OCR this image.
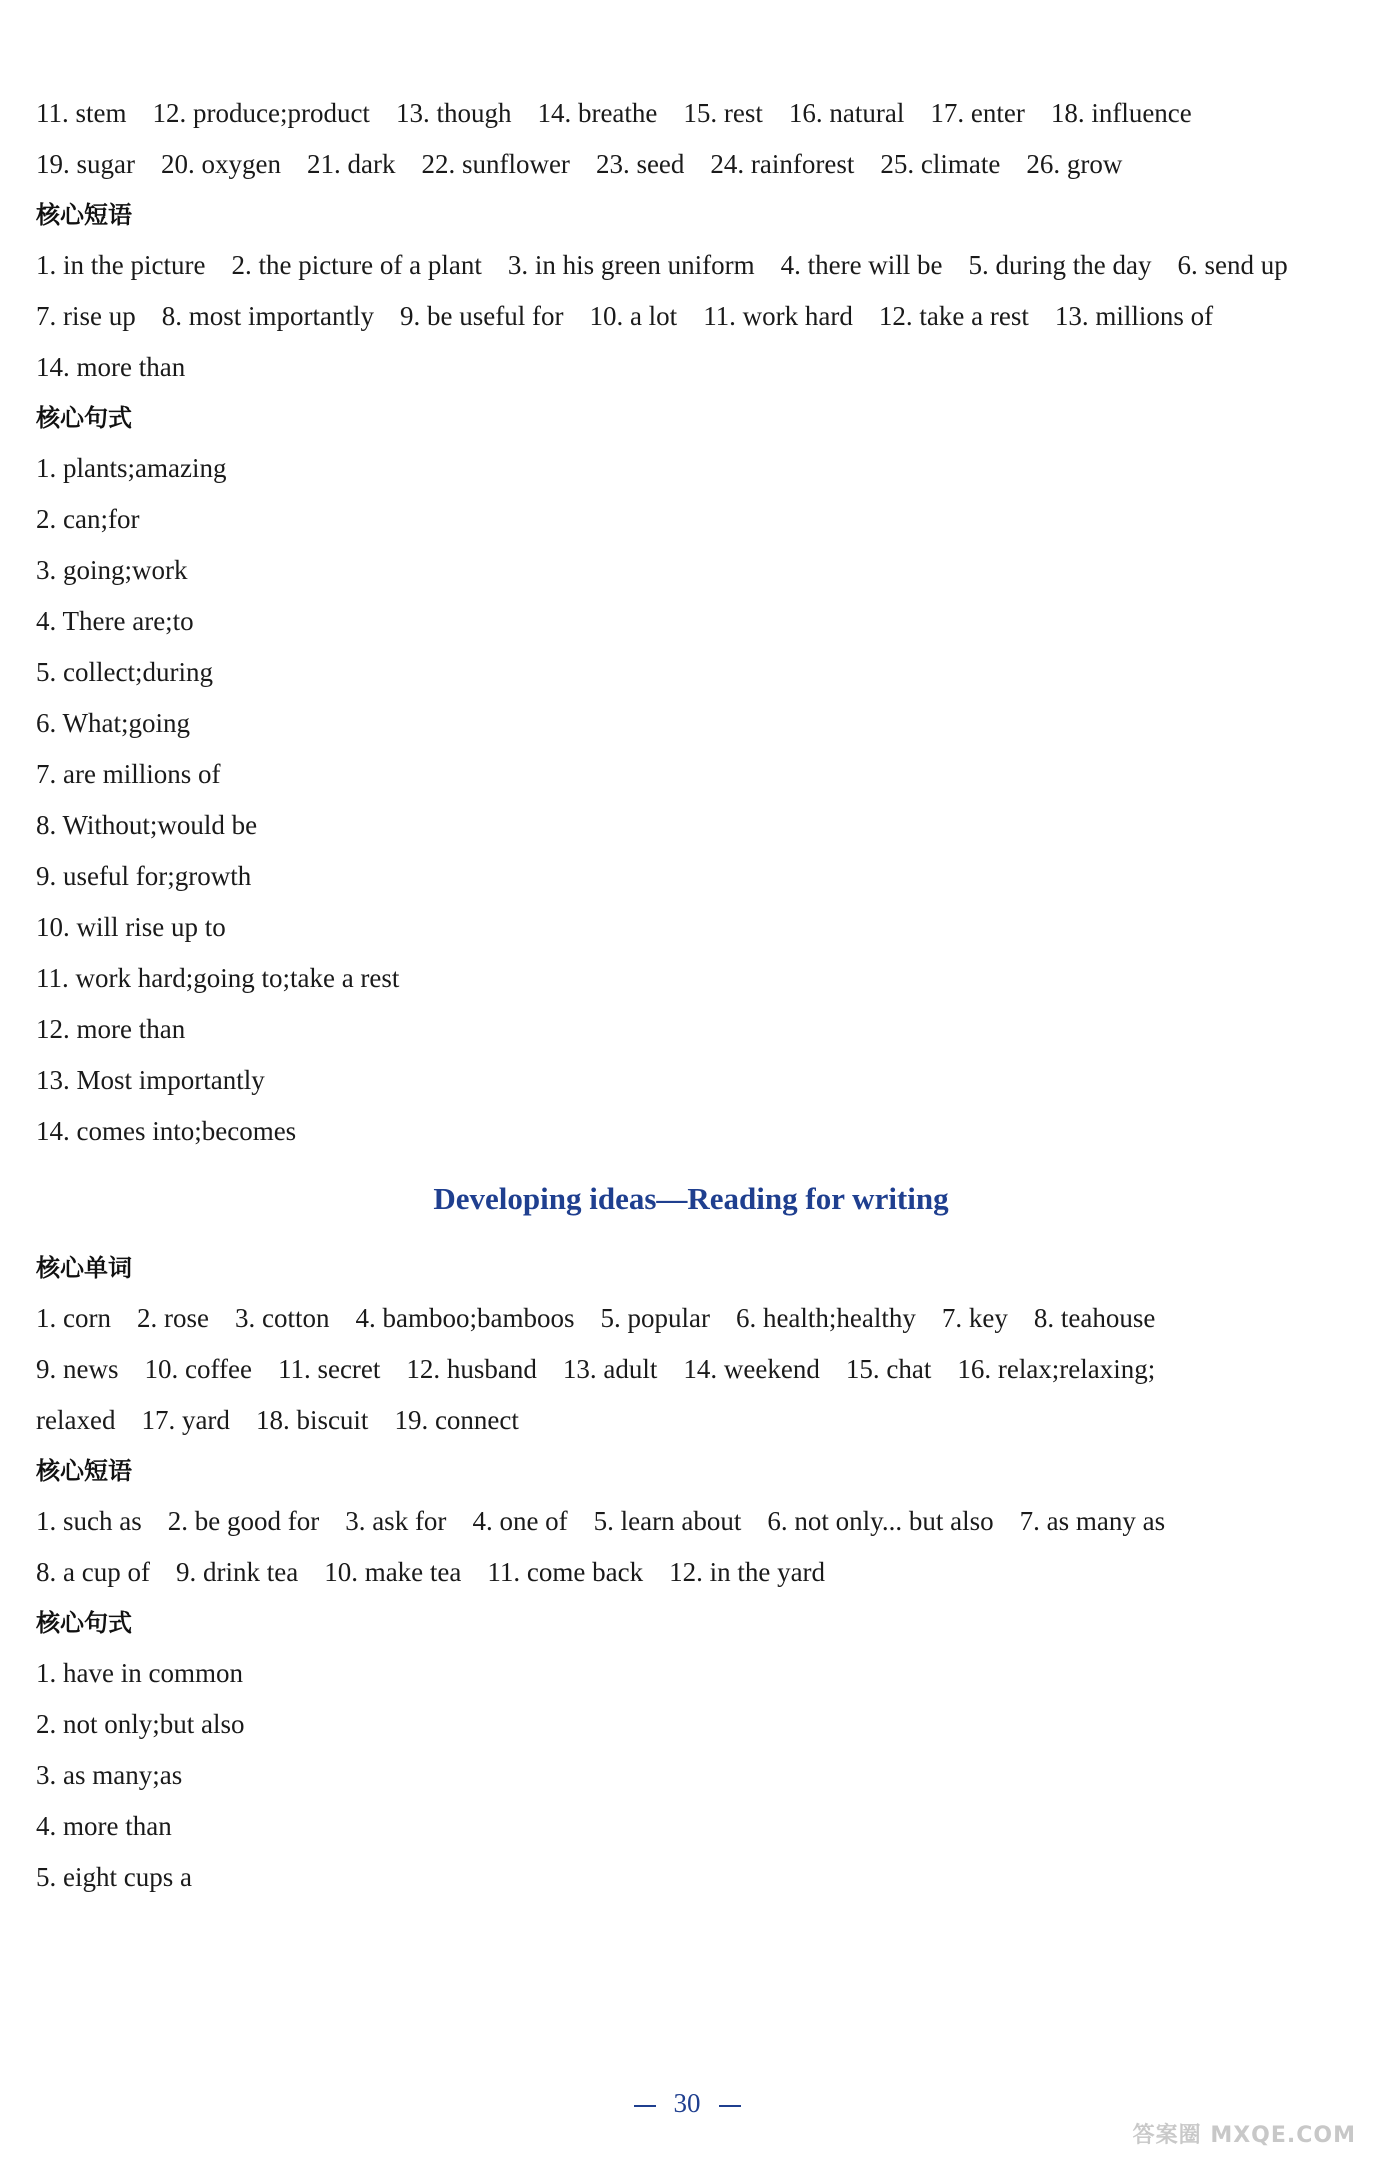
11. stem 12. produce;product 13. though 14. breathe 15. rest 16. natural 17. enter 18. influence
19. sugar 20. oxygen 21. dark 22. sunflower 23. seed 24. rainforest 25. climate 26. grow
核心短语
1. in the picture 2. the picture of a plant 3. in his green uniform 4. there will be 5. during the day 6. send up
7. rise up 8. most importantly 9. be useful for 10. a lot 11. work hard 12. take a rest 13. millions of
14. more than
核心句式
1. plants;amazing
2. can;for
3. going;work
4. There are;to
5. collect;during
6. What;going
7. are millions of
8. Without;would be
9. useful for;growth
10. will rise up to
11. work hard;going to;take a rest
12. more than
13. Most importantly
14. comes into;becomes
Developing ideas—Reading for writing
核心单词
1. corn 2. rose 3. cotton 4. bamboo;bamboos 5. popular 6. health;healthy 7. key 8. teahouse
9. news 10. coffee 11. secret 12. husband 13. adult 14. weekend 15. chat 16. relax;relaxing;
relaxed 17. yard 18. biscuit 19. connect
核心短语
1. such as 2. be good for 3. ask for 4. one of 5. learn about 6. not only... but also 7. as many as
8. a cup of 9. drink tea 10. make tea 11. come back 12. in the yard
核心句式
1. have in common
2. not only;but also
3. as many;as
4. more than
5. eight cups a
30
答案圈 MXQE.COM
